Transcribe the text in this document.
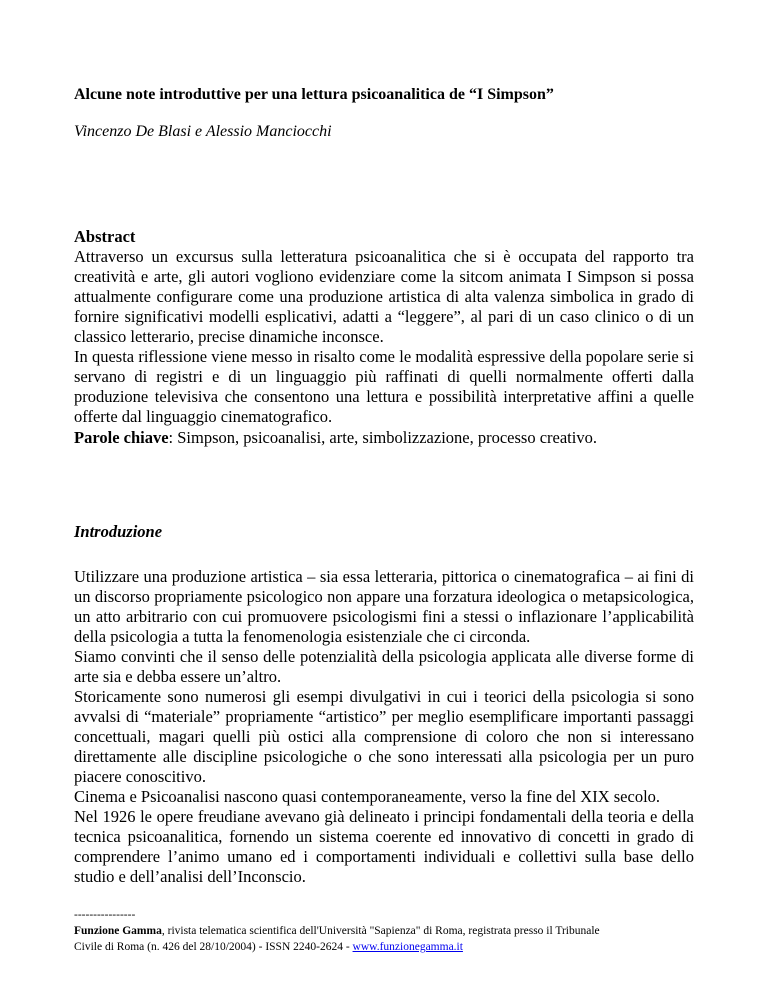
Alcune note introduttive per una lettura psicoanalitica de “I Simpson”
Vincenzo De Blasi e Alessio Manciocchi
Abstract

Attraverso un excursus sulla letteratura psicoanalitica che si è occupata del rapporto tra creatività e arte, gli autori vogliono evidenziare come la sitcom animata I Simpson si possa attualmente configurare come una produzione artistica di alta valenza simbolica in grado di fornire significativi modelli esplicativi, adatti a “leggere”, al pari di un caso clinico o di un classico letterario, precise dinamiche inconsce.

In questa riflessione viene messo in risalto come le modalità espressive della popolare serie si servano di registri e di un linguaggio più raffinati di quelli normalmente offerti dalla produzione televisiva che consentono una lettura e possibilità interpretative affini a quelle offerte dal linguaggio cinematografico.

Parole chiave: Simpson, psicoanalisi, arte, simbolizzazione, processo creativo.
Introduzione

Utilizzare una produzione artistica – sia essa letteraria, pittorica o cinematografica – ai fini di un discorso propriamente psicologico non appare una forzatura ideologica o metapsicologica, un atto arbitrario con cui promuovere psicologismi fini a stessi o inflazionare l’applicabilità della psicologia a tutta la fenomenologia esistenziale che ci circonda.

Siamo convinti che il senso delle potenzialità della psicologia applicata alle diverse forme di arte sia e debba essere un’altro.

Storicamente sono numerosi gli esempi divulgativi in cui i teorici della psicologia si sono avvalsi di “materiale” propriamente “artistico” per meglio esemplificare importanti passaggi concettuali, magari quelli più ostici alla comprensione di coloro che non si interessano direttamente alle discipline psicologiche o che sono interessati alla psicologia per un puro piacere conoscitivo.

Cinema e Psicoanalisi nascono quasi contemporaneamente, verso la fine del XIX secolo.

Nel 1926 le opere freudiane avevano già delineato i principi fondamentali della teoria e della tecnica psicoanalitica, fornendo un sistema coerente ed innovativo di concetti in grado di comprendere l’animo umano ed i comportamenti individuali e collettivi sulla base dello studio e dell’analisi dell’Inconscio.

----------------
Funzione Gamma, rivista telematica scientifica dell'Università "Sapienza" di Roma, registrata presso il Tribunale
Civile di Roma (n. 426 del 28/10/2004) - ISSN 2240-2624 - www.funzionegamma.it
